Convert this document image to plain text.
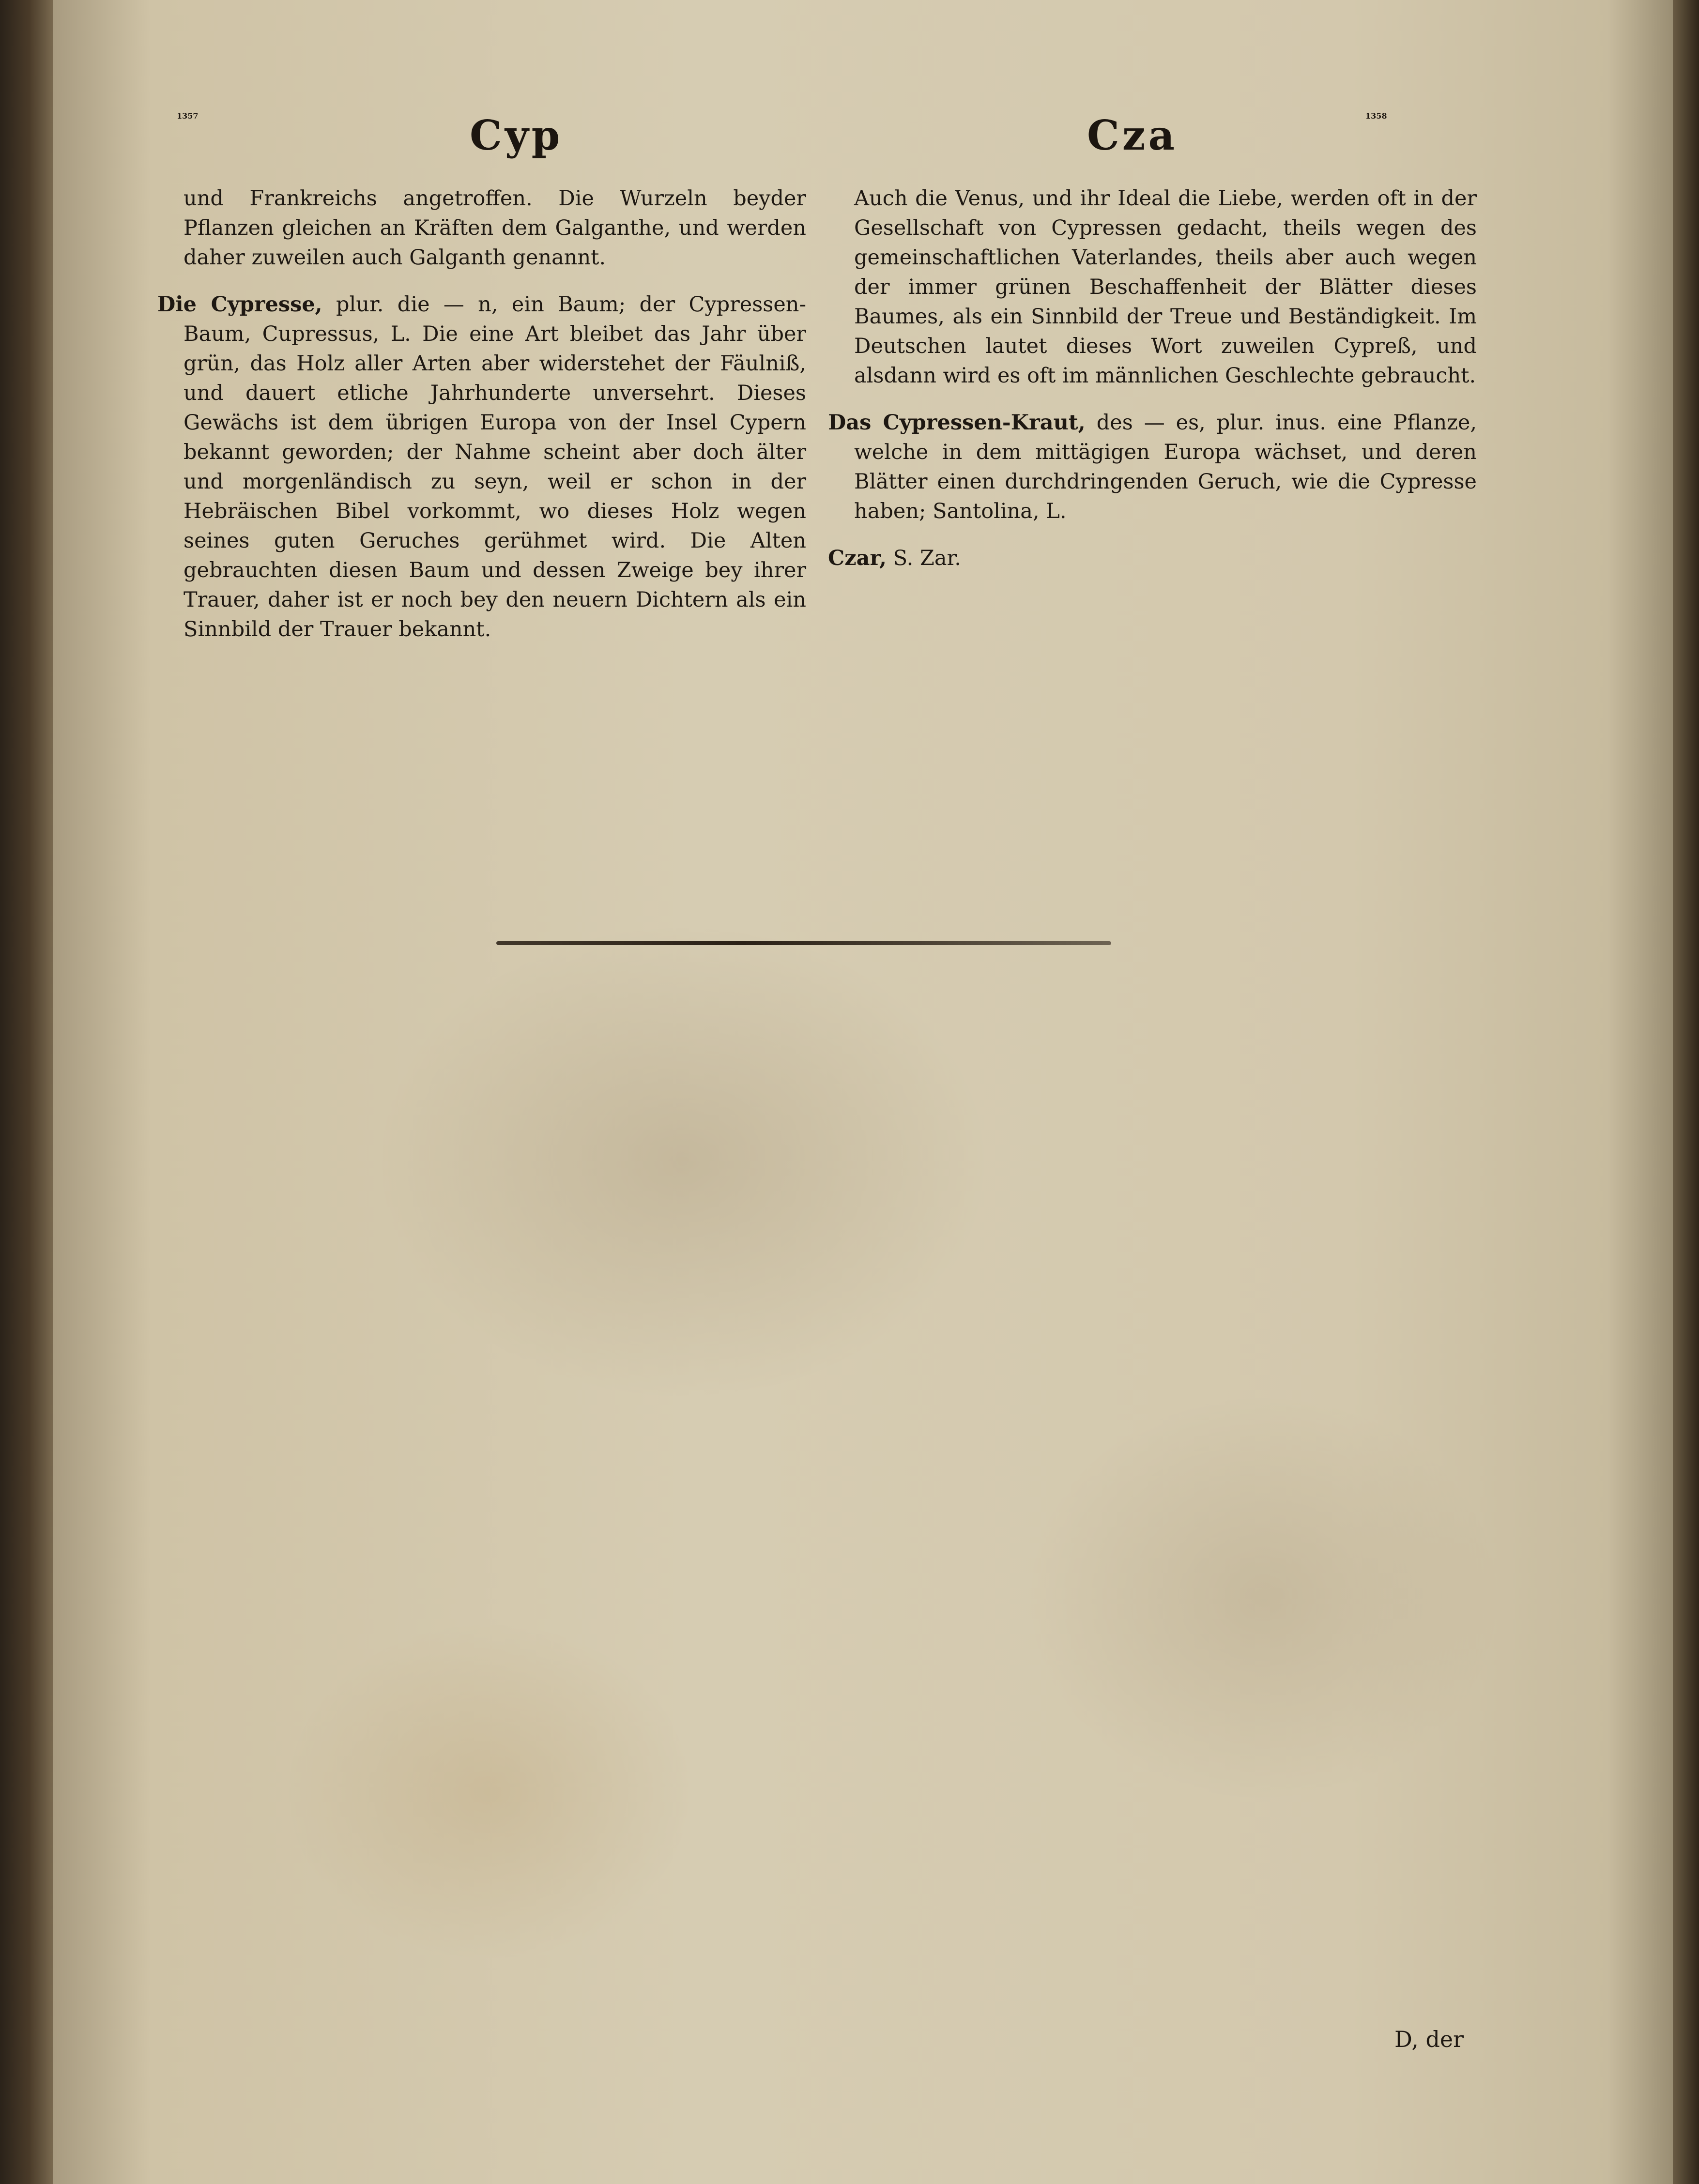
1357	Cyp	Cza	1358

und Frankreichs angetroffen. Die Wurzeln beyder Pflanzen gleichen an Kräften dem Galganthe, und werden daher zuweilen auch Galganth genannt.

Die Cypresse, plur. die — n, ein Baum; der Cypressen-Baum, Cupressus, L. Die eine Art bleibet das Jahr über grün, das Holz aller Arten aber widerstehet der Fäulniß, und dauert etliche Jahrhunderte unversehrt. Dieses Gewächs ist dem übrigen Europa von der Insel Cypern bekannt geworden; der Nahme scheint aber doch älter und morgenländisch zu seyn, weil er schon in der Hebräischen Bibel vorkommt, wo dieses Holz wegen seines guten Geruches gerühmet wird. Die Alten gebrauchten diesen Baum und dessen Zweige bey ihrer Trauer, daher ist er noch bey den neuern Dichtern als ein Sinnbild der Trauer bekannt.

Auch die Venus, und ihr Ideal die Liebe, werden oft in der Gesellschaft von Cypressen gedacht, theils wegen des gemeinschaftlichen Vaterlandes, theils aber auch wegen der immer grünen Beschaffenheit der Blätter dieses Baumes, als ein Sinnbild der Treue und Beständigkeit. Im Deutschen lautet dieses Wort zuweilen Cypreß, und alsdann wird es oft im männlichen Geschlechte gebraucht.

Das Cypressen-Kraut, des — es, plur. inus. eine Pflanze, welche in dem mittägigen Europa wächset, und deren Blätter einen durchdringenden Geruch, wie die Cypresse haben; Santolina, L.

Czar, S. Zar.

D, der
